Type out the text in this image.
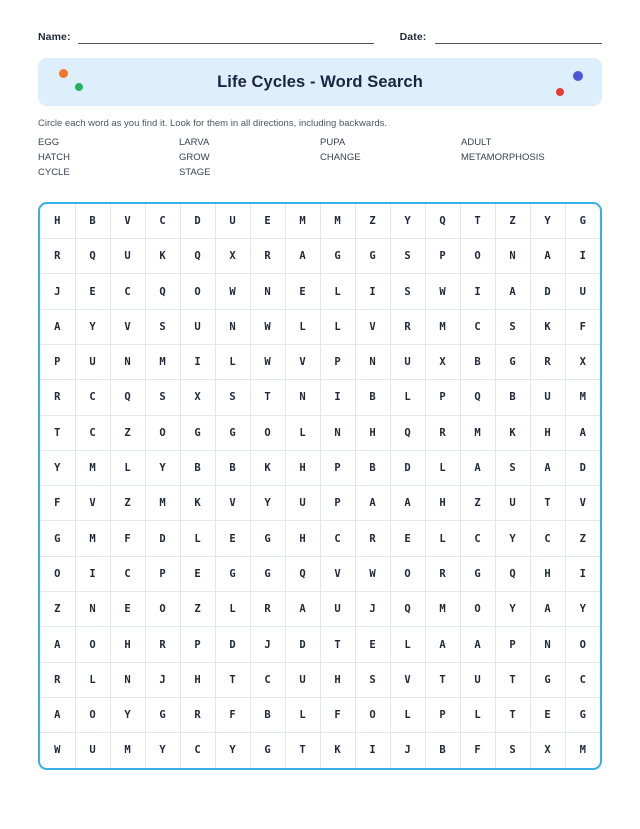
Name:	Date:
Life Cycles - Word Search

Circle each word as you find it. Look for them in all directions, including backwards.

EGG	LARVA	PUPA	ADULT
HATCH	GROW	CHANGE	METAMORPHOSIS
CYCLE	STAGE
H	B	V	C	D	U	E	M	M	Z	Y	Q	T	Z	Y	G
R	Q	U	K	Q	X	R	A	G	G	S	P	O	N	A	I
J	E	C	Q	O	W	N	E	L	I	S	W	I	A	D	U
A	Y	V	S	U	N	W	L	L	V	R	M	C	S	K	F
P	U	N	M	I	L	W	V	P	N	U	X	B	G	R	X
R	C	Q	S	X	S	T	N	I	B	L	P	Q	B	U	M
T	C	Z	O	G	G	O	L	N	H	Q	R	M	K	H	A
Y	M	L	Y	B	B	K	H	P	B	D	L	A	S	A	D
F	V	Z	M	K	V	Y	U	P	A	A	H	Z	U	T	V
G	M	F	D	L	E	G	H	C	R	E	L	C	Y	C	Z
O	I	C	P	E	G	G	Q	V	W	O	R	G	Q	H	I
Z	N	E	O	Z	L	R	A	U	J	Q	M	O	Y	A	Y
A	O	H	R	P	D	J	D	T	E	L	A	A	P	N	O
R	L	N	J	H	T	C	U	H	S	V	T	U	T	G	C
A	O	Y	G	R	F	B	L	F	O	L	P	L	T	E	G
W	U	M	Y	C	Y	G	T	K	I	J	B	F	S	X	M
